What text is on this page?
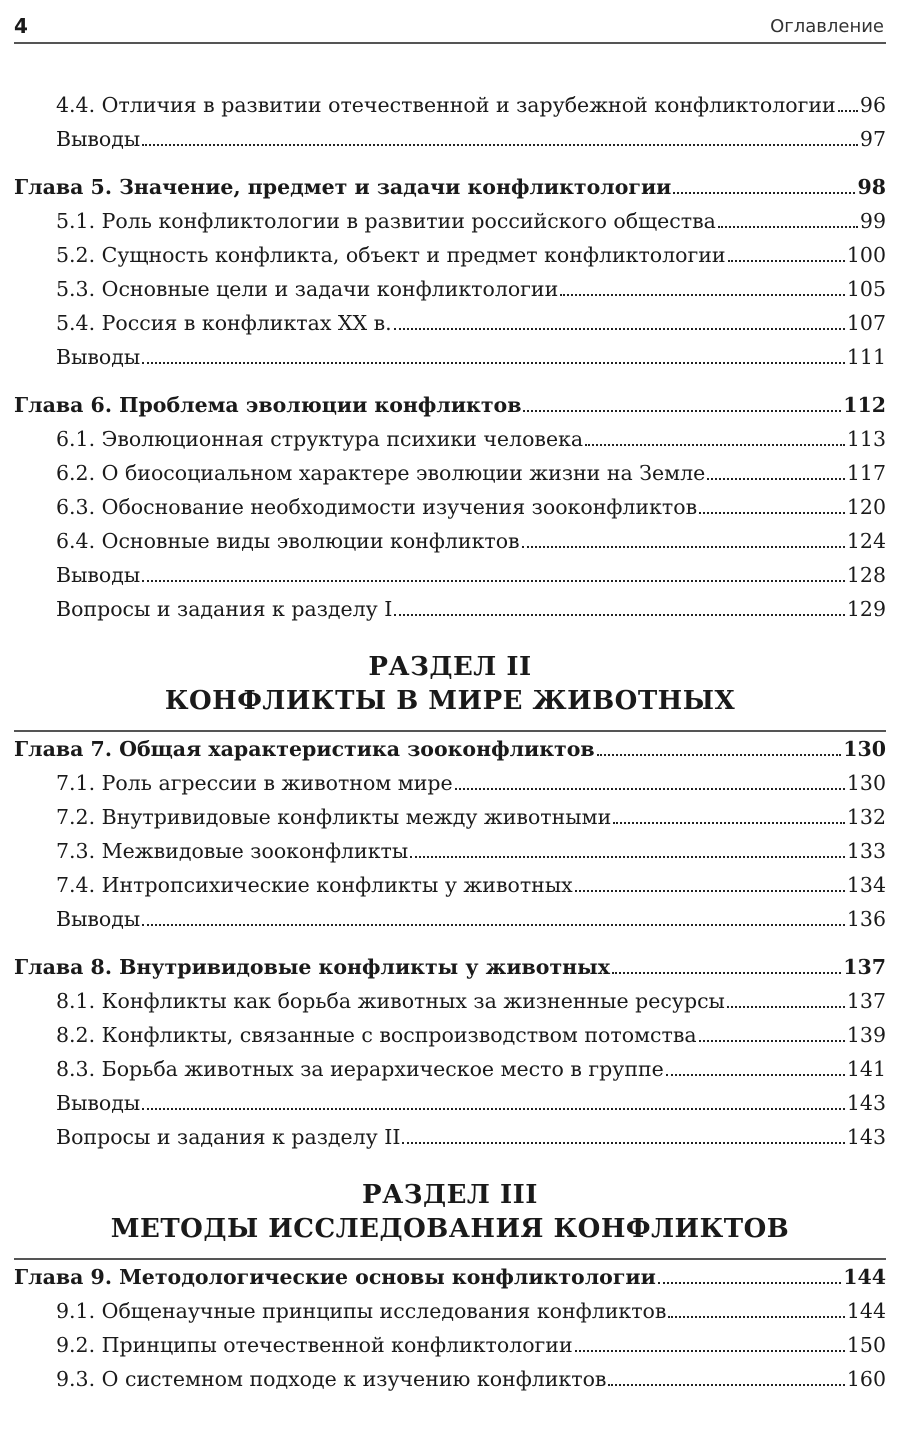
4	Оглавление
4.4. Отличия в развитии отечественной и зарубежной конфликтологии 96
Выводы	97
Глава 5. Значение, предмет и задачи конфликтологии	98
5.1. Роль конфликтологии в развитии российского общества	99
5.2. Сущность конфликта, объект и предмет конфликтологии	100
5.3. Основные цели и задачи конфликтологии	105
5.4. Россия в конфликтах XX в.	107
Выводы	111
Глава 6. Проблема эволюции конфликтов	112
6.1. Эволюционная структура психики человека	113
6.2. О биосоциальном характере эволюции жизни на Земле	117
6.3. Обоснование необходимости изучения зооконфликтов	120
6.4. Основные виды эволюции конфликтов	124
Выводы	128
Вопросы и задания к разделу I	129
РАЗДЕЛ II
КОНФЛИКТЫ В МИРЕ ЖИВОТНЫХ
Глава 7. Общая характеристика зооконфликтов	130
7.1. Роль агрессии в животном мире	130
7.2. Внутривидовые конфликты между животными	132
7.3. Межвидовые зооконфликты	133
7.4. Интропсихические конфликты у животных	134
Выводы	136
Глава 8. Внутривидовые конфликты у животных	137
8.1. Конфликты как борьба животных за жизненные ресурсы	137
8.2. Конфликты, связанные с воспроизводством потомства	139
8.3. Борьба животных за иерархическое место в группе	141
Выводы	143
Вопросы и задания к разделу II	143
РАЗДЕЛ III
МЕТОДЫ ИССЛЕДОВАНИЯ КОНФЛИКТОВ
Глава 9. Методологические основы конфликтологии	144
9.1. Общенаучные принципы исследования конфликтов	144
9.2. Принципы отечественной конфликтологии	150
9.3. О системном подходе к изучению конфликтов	160
